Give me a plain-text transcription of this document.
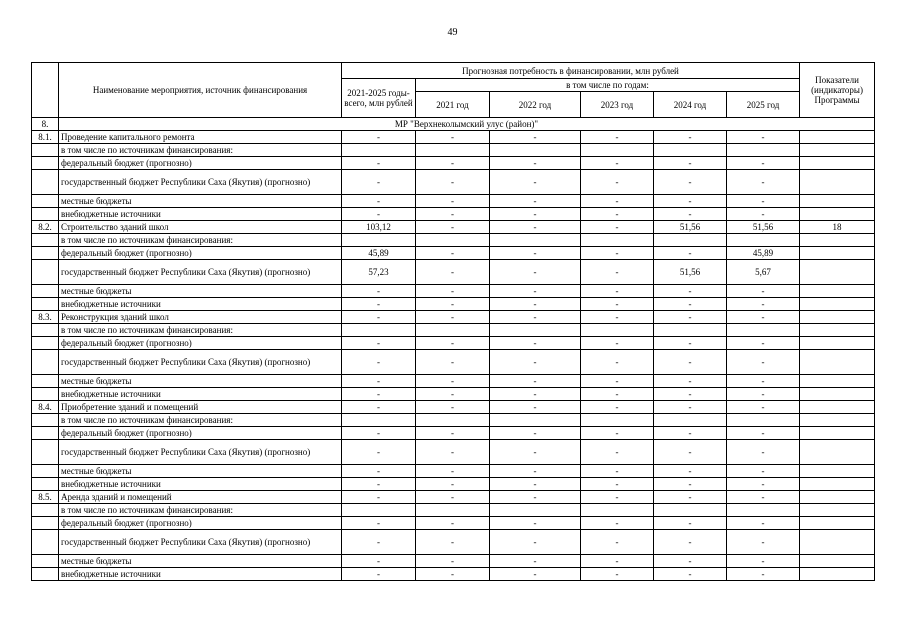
49
	Наименование мероприятия, источник финансирования	Прогнозная потребность в финансировании, млн рублей						Показатели (индикаторы) Программы
		2021-2025 годы- всего, млн рублей	в том числе по годам:					
			2021 год	2022 год	2023 год	2024 год	2025 год	
8.	МР "Верхнеколымский улус (район)"							
8.1.	Проведение капитального ремонта	-	-	-	-	-	-	
	в том числе по источникам финансирования:							
	федеральный бюджет (прогнозно)	-	-	-	-	-	-	
	государственный бюджет Республики Саха (Якутия) (прогнозно)	-	-	-	-	-	-	
	местные бюджеты	-	-	-	-	-	-	
	внебюджетные источники	-	-	-	-	-	-	
8.2.	Строительство зданий школ	103,12	-	-	-	51,56	51,56	18
	в том числе по источникам финансирования:							
	федеральный бюджет (прогнозно)	45,89	-	-	-	-	45,89	
	государственный бюджет Республики Саха (Якутия) (прогнозно)	57,23	-	-	-	51,56	5,67	
	местные бюджеты	-	-	-	-	-	-	
	внебюджетные источники	-	-	-	-	-	-	
8.3.	Реконструкция зданий школ	-	-	-	-	-	-	
	в том числе по источникам финансирования:							
	федеральный бюджет (прогнозно)	-	-	-	-	-	-	
	государственный бюджет Республики Саха (Якутия) (прогнозно)	-	-	-	-	-	-	
	местные бюджеты	-	-	-	-	-	-	
	внебюджетные источники	-	-	-	-	-	-	
8.4.	Приобретение зданий и помещений	-	-	-	-	-	-	
	в том числе по источникам финансирования:							
	федеральный бюджет (прогнозно)	-	-	-	-	-	-	
	государственный бюджет Республики Саха (Якутия) (прогнозно)	-	-	-	-	-	-	
	местные бюджеты	-	-	-	-	-	-	
	внебюджетные источники	-	-	-	-	-	-	
8.5.	Аренда зданий и помещений	-	-	-	-	-	-	
	в том числе по источникам финансирования:							
	федеральный бюджет (прогнозно)	-	-	-	-	-	-	
	государственный бюджет Республики Саха (Якутия) (прогнозно)	-	-	-	-	-	-	
	местные бюджеты	-	-	-	-	-	-	
	внебюджетные источники	-	-	-	-	-	-	
